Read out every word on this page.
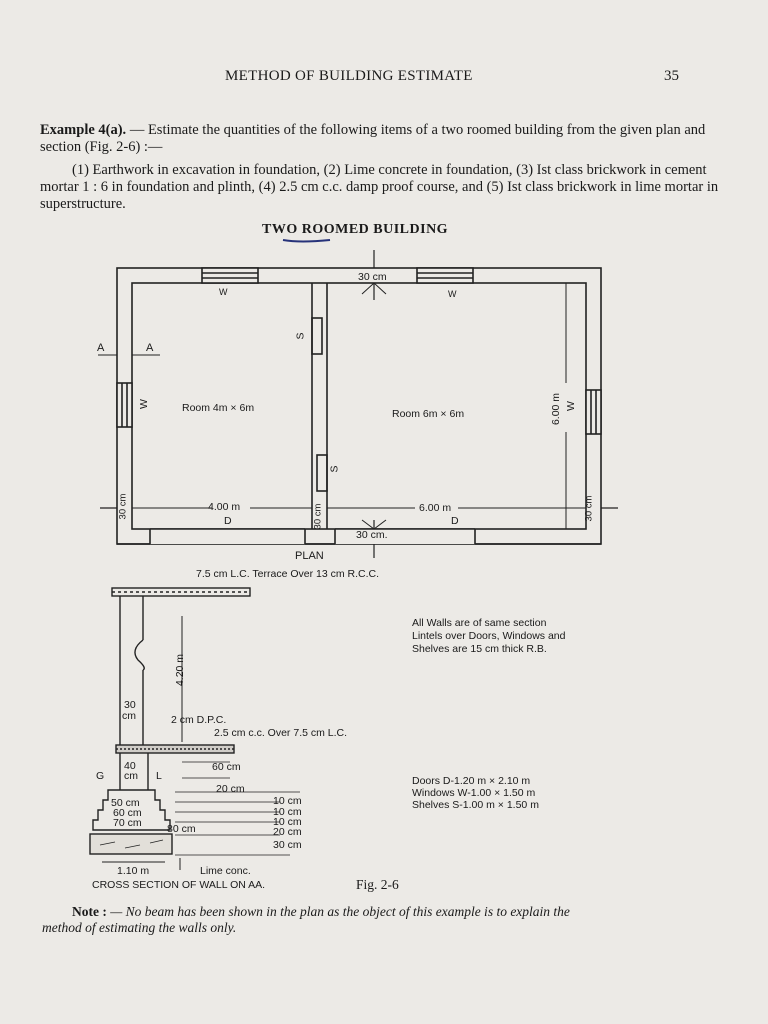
METHOD OF BUILDING ESTIMATE	35
Example 4(a). — Estimate the quantities of the following items of a two roomed building from the given plan and section (Fig. 2-6) :—
(1) Earthwork in excavation in foundation, (2) Lime concrete in foundation, (3) Ist class brickwork in cement mortar 1 : 6 in foundation and plinth, (4) 2.5 cm c.c. damp proof course, and (5) Ist class brickwork in lime mortar in superstructure.
TWO ROOMED BUILDING
30 cm
W	W
S
S
A	A
W	W
Room 4m × 6m	Room 6m × 6m	6.00 m
4.00 m	6.00 m
D	D
30 cm	30 cm
30 cm
30 cm.
PLAN
7.5 cm L.C. Terrace Over 13 cm R.C.C.
4.20 m
30
cm	2 cm D.P.C.
2.5 cm c.c. Over 7.5 cm L.C.
40
cm
G	L
60 cm
20 cm
50 cm
60 cm
70 cm 80 cm
10 cm
10 cm
10 cm
20 cm
30 cm
1.10 m	Lime conc.
CROSS SECTION OF WALL ON AA.	Fig. 2-6
All Walls are of same section
Lintels over Doors, Windows and
Shelves are 15 cm thick R.B.
Doors D-1.20 m × 2.10 m
Windows W-1.00 × 1.50 m
Shelves S-1.00 m × 1.50 m
Note : — No beam has been shown in the plan as the object of this example is to explain the
method of estimating the walls only.
